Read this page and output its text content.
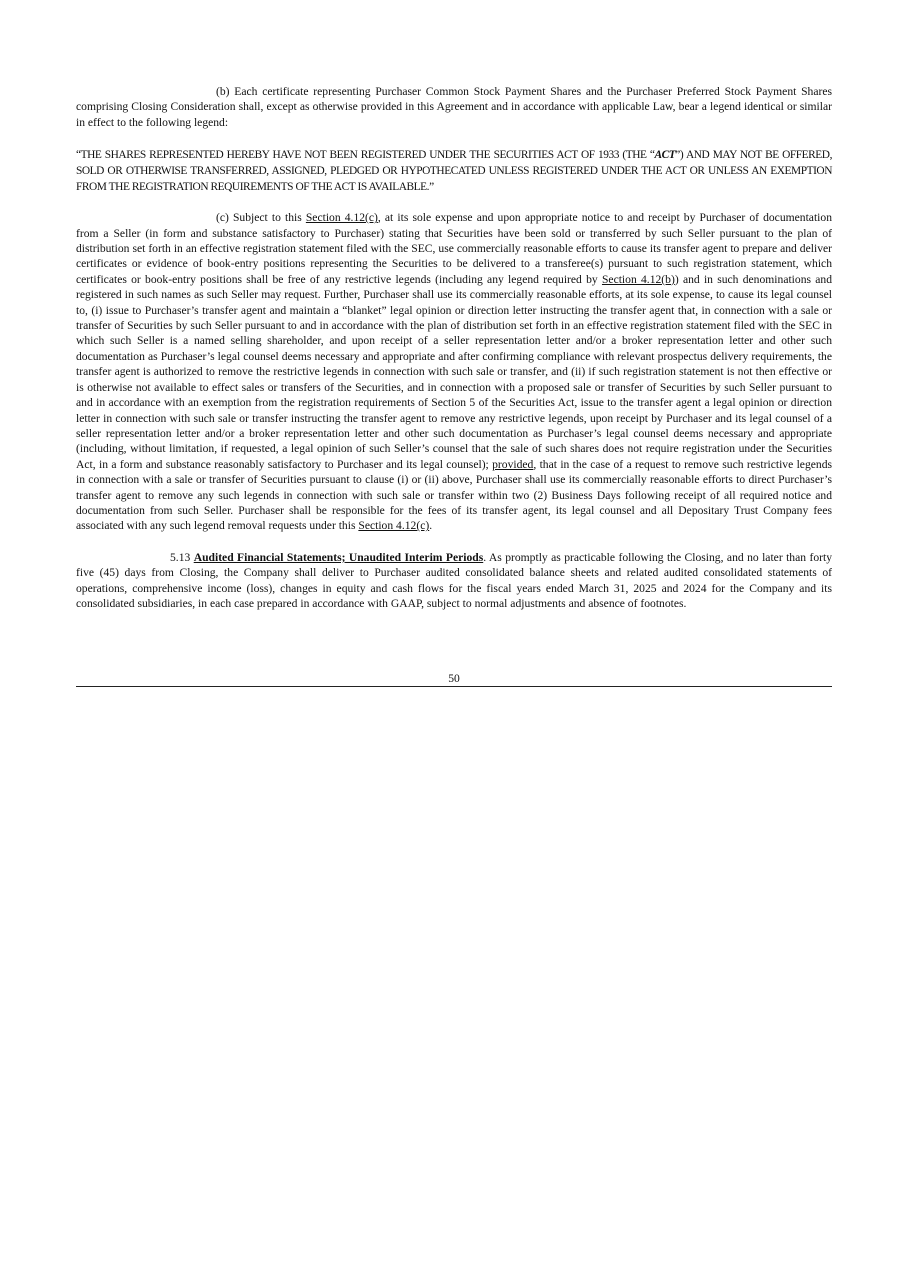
(b) Each certificate representing Purchaser Common Stock Payment Shares and the Purchaser Preferred Stock Payment Shares comprising Closing Consideration shall, except as otherwise provided in this Agreement and in accordance with applicable Law, bear a legend identical or similar in effect to the following legend:

“THE SHARES REPRESENTED HEREBY HAVE NOT BEEN REGISTERED UNDER THE SECURITIES ACT OF 1933 (THE “ACT”) AND MAY NOT BE OFFERED, SOLD OR OTHERWISE TRANSFERRED, ASSIGNED, PLEDGED OR HYPOTHECATED UNLESS REGISTERED UNDER THE ACT OR UNLESS AN EXEMPTION FROM THE REGISTRATION REQUIREMENTS OF THE ACT IS AVAILABLE.”

(c) Subject to this Section 4.12(c), at its sole expense and upon appropriate notice to and receipt by Purchaser of documentation from a Seller (in form and substance satisfactory to Purchaser) stating that Securities have been sold or transferred by such Seller pursuant to the plan of distribution set forth in an effective registration statement filed with the SEC, use commercially reasonable efforts to cause its transfer agent to prepare and deliver certificates or evidence of book-entry positions representing the Securities to be delivered to a transferee(s) pursuant to such registration statement, which certificates or book-entry positions shall be free of any restrictive legends (including any legend required by Section 4.12(b)) and in such denominations and registered in such names as such Seller may request. Further, Purchaser shall use its commercially reasonable efforts, at its sole expense, to cause its legal counsel to, (i) issue to Purchaser’s transfer agent and maintain a “blanket” legal opinion or direction letter instructing the transfer agent that, in connection with a sale or transfer of Securities by such Seller pursuant to and in accordance with the plan of distribution set forth in an effective registration statement filed with the SEC in which such Seller is a named selling shareholder, and upon receipt of a seller representation letter and/or a broker representation letter and other such documentation as Purchaser’s legal counsel deems necessary and appropriate and after confirming compliance with relevant prospectus delivery requirements, the transfer agent is authorized to remove the restrictive legends in connection with such sale or transfer, and (ii) if such registration statement is not then effective or is otherwise not available to effect sales or transfers of the Securities, and in connection with a proposed sale or transfer of Securities by such Seller pursuant to and in accordance with an exemption from the registration requirements of Section 5 of the Securities Act, issue to the transfer agent a legal opinion or direction letter in connection with such sale or transfer instructing the transfer agent to remove any restrictive legends, upon receipt by Purchaser and its legal counsel of a seller representation letter and/or a broker representation letter and other such documentation as Purchaser’s legal counsel deems necessary and appropriate (including, without limitation, if requested, a legal opinion of such Seller’s counsel that the sale of such shares does not require registration under the Securities Act, in a form and substance reasonably satisfactory to Purchaser and its legal counsel); provided, that in the case of a request to remove such restrictive legends in connection with a sale or transfer of Securities pursuant to clause (i) or (ii) above, Purchaser shall use its commercially reasonable efforts to direct Purchaser’s transfer agent to remove any such legends in connection with such sale or transfer within two (2) Business Days following receipt of all required notice and documentation from such Seller. Purchaser shall be responsible for the fees of its transfer agent, its legal counsel and all Depositary Trust Company fees associated with any such legend removal requests under this Section 4.12(c).

5.13 Audited Financial Statements; Unaudited Interim Periods. As promptly as practicable following the Closing, and no later than forty five (45) days from Closing, the Company shall deliver to Purchaser audited consolidated balance sheets and related audited consolidated statements of operations, comprehensive income (loss), changes in equity and cash flows for the fiscal years ended March 31, 2025 and 2024 for the Company and its consolidated subsidiaries, in each case prepared in accordance with GAAP, subject to normal adjustments and absence of footnotes.

50
